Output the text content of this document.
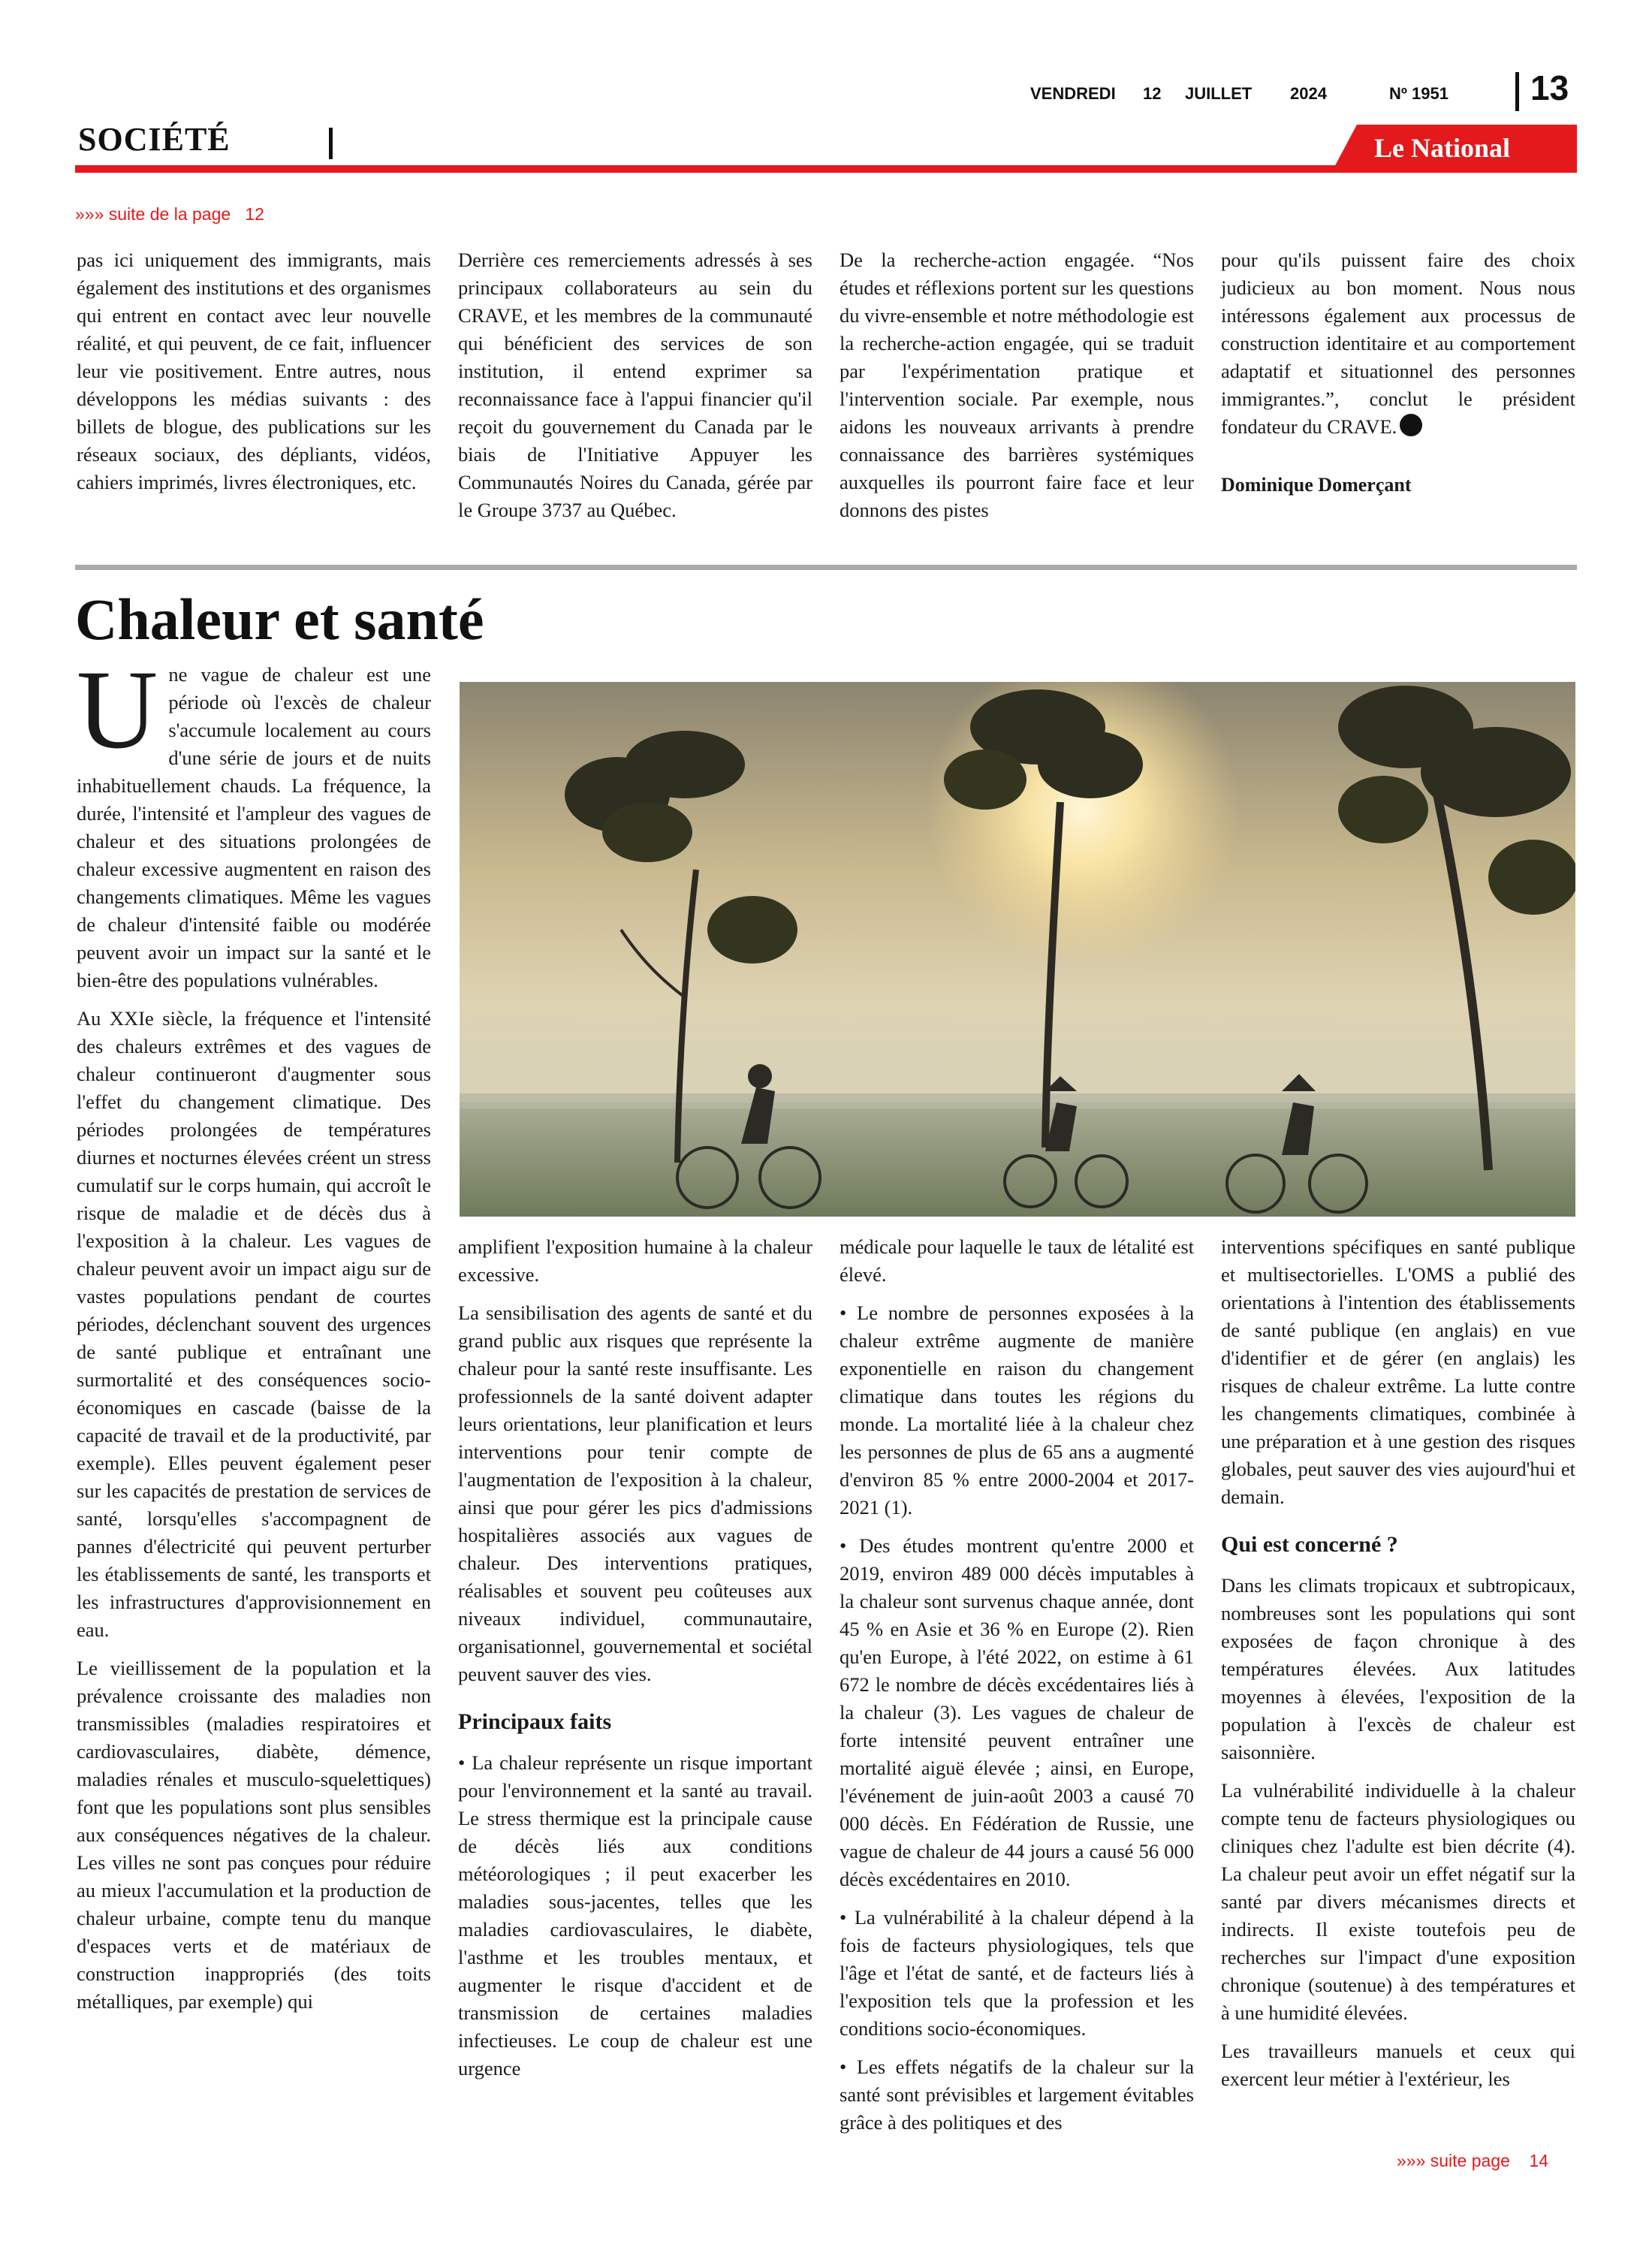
VENDREDI 12 JUILLET 2024	Nº 1951 13
SOCIÉTÉ	Le National
»»» suite de la page 12

pas ici uniquement des immigrants, mais également des institutions et des organismes qui entrent en contact avec leur nouvelle réalité, et qui peuvent, de ce fait, influencer leur vie positivement. Entre autres, nous développons les médias suivants : des billets de blogue, des publications sur les réseaux sociaux, des dépliants, vidéos, cahiers imprimés, livres électroniques, etc.

Derrière ces remerciements adressés à ses principaux collaborateurs au sein du CRAVE, et les membres de la communauté qui bénéficient des services de son institution, il entend exprimer sa reconnaissance face à l'appui financier qu'il reçoit du gouvernement du Canada par le biais de l'Initiative Appuyer les Communautés Noires du Canada, gérée par le Groupe 3737 au Québec.

De la recherche-action engagée. “Nos études et réflexions portent sur les questions du vivre-ensemble et notre méthodologie est la recherche-action engagée, qui se traduit par l'expérimentation pratique et l'intervention sociale. Par exemple, nous aidons les nouveaux arrivants à prendre connaissance des barrières systémiques auxquelles ils pourront faire face et leur donnons des pistes

pour qu'ils puissent faire des choix judicieux au bon moment. Nous nous intéressons également aux processus de construction identitaire et au comportement adaptatif et situationnel des personnes immigrantes.”, conclut le président fondateur du CRAVE.

Dominique Domerçant

Chaleur et santé

Une vague de chaleur est une période où l'excès de chaleur s'accumule localement au cours d'une série de jours et de nuits inhabituellement chauds. La fréquence, la durée, l'intensité et l'ampleur des vagues de chaleur et des situations prolongées de chaleur excessive augmentent en raison des changements climatiques. Même les vagues de chaleur d'intensité faible ou modérée peuvent avoir un impact sur la santé et le bien-être des populations vulnérables.

Au XXIe siècle, la fréquence et l'intensité des chaleurs extrêmes et des vagues de chaleur continueront d'augmenter sous l'effet du changement climatique. Des périodes prolongées de températures diurnes et nocturnes élevées créent un stress cumulatif sur le corps humain, qui accroît le risque de maladie et de décès dus à l'exposition à la chaleur. Les vagues de chaleur peuvent avoir un impact aigu sur de vastes populations pendant de courtes périodes, déclenchant souvent des urgences de santé publique et entraînant une surmortalité et des conséquences socio-économiques en cascade (baisse de la capacité de travail et de la productivité, par exemple). Elles peuvent également peser sur les capacités de prestation de services de santé, lorsqu'elles s'accompagnent de pannes d'électricité qui peuvent perturber les établissements de santé, les transports et les infrastructures d'approvisionnement en eau.

Le vieillissement de la population et la prévalence croissante des maladies non transmissibles (maladies respiratoires et cardiovasculaires, diabète, démence, maladies rénales et musculo-squelettiques) font que les populations sont plus sensibles aux conséquences négatives de la chaleur. Les villes ne sont pas conçues pour réduire au mieux l'accumulation et la production de chaleur urbaine, compte tenu du manque d'espaces verts et de matériaux de construction inappropriés (des toits métalliques, par exemple) qui

amplifient l'exposition humaine à la chaleur excessive.

La sensibilisation des agents de santé et du grand public aux risques que représente la chaleur pour la santé reste insuffisante. Les professionnels de la santé doivent adapter leurs orientations, leur planification et leurs interventions pour tenir compte de l'augmentation de l'exposition à la chaleur, ainsi que pour gérer les pics d'admissions hospitalières associés aux vagues de chaleur. Des interventions pratiques, réalisables et souvent peu coûteuses aux niveaux individuel, communautaire, organisationnel, gouvernemental et sociétal peuvent sauver des vies.

Principaux faits

• La chaleur représente un risque important pour l'environnement et la santé au travail. Le stress thermique est la principale cause de décès liés aux conditions météorologiques ; il peut exacerber les maladies sous-jacentes, telles que les maladies cardiovasculaires, le diabète, l'asthme et les troubles mentaux, et augmenter le risque d'accident et de transmission de certaines maladies infectieuses. Le coup de chaleur est une urgence

médicale pour laquelle le taux de létalité est élevé.

• Le nombre de personnes exposées à la chaleur extrême augmente de manière exponentielle en raison du changement climatique dans toutes les régions du monde. La mortalité liée à la chaleur chez les personnes de plus de 65 ans a augmenté d'environ 85 % entre 2000-2004 et 2017-2021 (1).

• Des études montrent qu'entre 2000 et 2019, environ 489 000 décès imputables à la chaleur sont survenus chaque année, dont 45 % en Asie et 36 % en Europe (2). Rien qu'en Europe, à l'été 2022, on estime à 61 672 le nombre de décès excédentaires liés à la chaleur (3). Les vagues de chaleur de forte intensité peuvent entraîner une mortalité aiguë élevée ; ainsi, en Europe, l'événement de juin-août 2003 a causé 70 000 décès. En Fédération de Russie, une vague de chaleur de 44 jours a causé 56 000 décès excédentaires en 2010.

• La vulnérabilité à la chaleur dépend à la fois de facteurs physiologiques, tels que l'âge et l'état de santé, et de facteurs liés à l'exposition tels que la profession et les conditions socio-économiques.

• Les effets négatifs de la chaleur sur la santé sont prévisibles et largement évitables grâce à des politiques et des

interventions spécifiques en santé publique et multisectorielles. L'OMS a publié des orientations à l'intention des établissements de santé publique (en anglais) en vue d'identifier et de gérer (en anglais) les risques de chaleur extrême. La lutte contre les changements climatiques, combinée à une préparation et à une gestion des risques globales, peut sauver des vies aujourd'hui et demain.

Qui est concerné ?

Dans les climats tropicaux et subtropicaux, nombreuses sont les populations qui sont exposées de façon chronique à des températures élevées. Aux latitudes moyennes à élevées, l'exposition de la population à l'excès de chaleur est saisonnière.

La vulnérabilité individuelle à la chaleur compte tenu de facteurs physiologiques ou cliniques chez l'adulte est bien décrite (4). La chaleur peut avoir un effet négatif sur la santé par divers mécanismes directs et indirects. Il existe toutefois peu de recherches sur l'impact d'une exposition chronique (soutenue) à des températures et à une humidité élevées.

Les travailleurs manuels et ceux qui exercent leur métier à l'extérieur, les

»»» suite page 14
